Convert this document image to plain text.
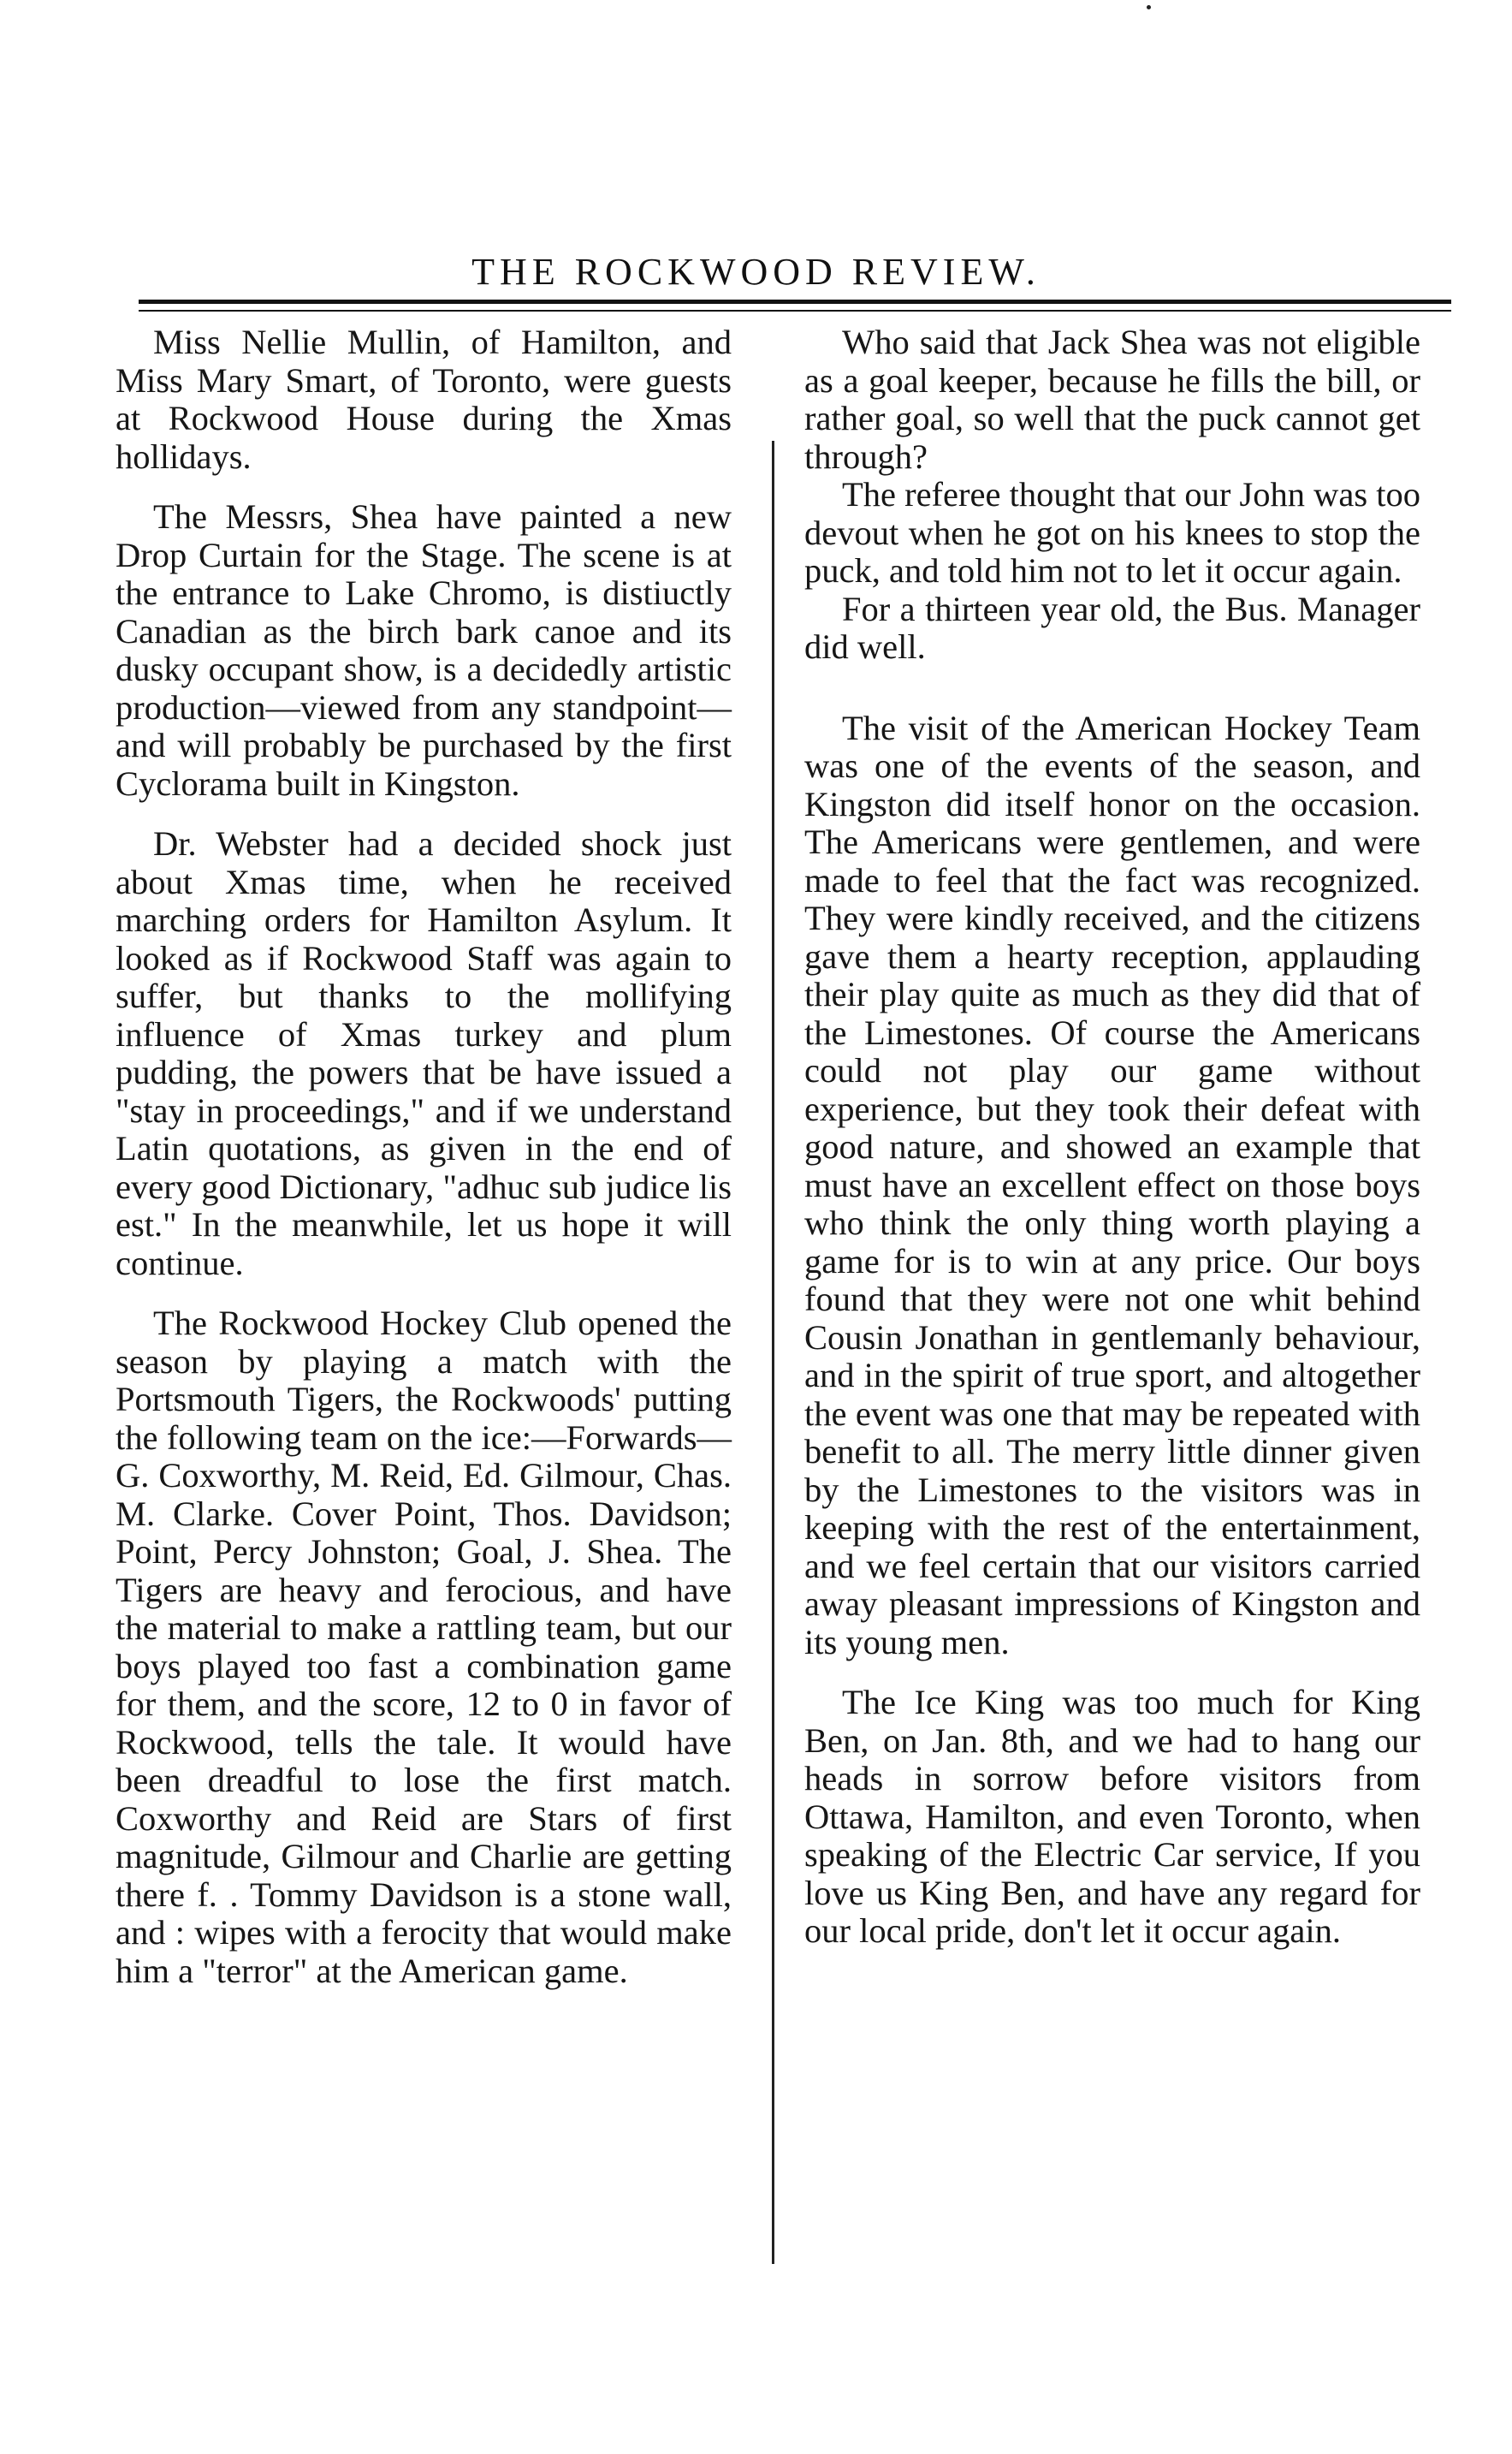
THE ROCKWOOD REVIEW.

Miss Nellie Mullin, of Hamilton, and Miss Mary Smart, of Toronto, were guests at Rockwood House during the Xmas hollidays.

The Messrs, Shea have painted a new Drop Curtain for the Stage. The scene is at the entrance to Lake Chromo, is distiuctly Canadian as the birch bark canoe and its dusky occupant show, is a decidedly artistic production—viewed from any standpoint—and will probably be purchased by the first Cyclorama built in Kingston.

Dr. Webster had a decided shock just about Xmas time, when he received marching orders for Hamilton Asylum. It looked as if Rockwood Staff was again to suffer, but thanks to the mollifying influence of Xmas turkey and plum pudding, the powers that be have issued a "stay in proceedings," and if we understand Latin quotations, as given in the end of every good Dictionary, "adhuc sub judice lis est." In the meanwhile, let us hope it will continue.

The Rockwood Hockey Club opened the season by playing a match with the Portsmouth Tigers, the Rockwoods' putting the following team on the ice:—Forwards—G. Coxworthy, M. Reid, Ed. Gilmour, Chas. M. Clarke. Cover Point, Thos. Davidson; Point, Percy Johnston; Goal, J. Shea. The Tigers are heavy and ferocious, and have the material to make a rattling team, but our boys played too fast a combination game for them, and the score, 12 to 0 in favor of Rockwood, tells the tale. It would have been dreadful to lose the first match. Coxworthy and Reid are Stars of first magnitude, Gilmour and Charlie are getting there f. . Tommy Davidson is a stone wall, and : wipes with a ferocity that would make him a "terror" at the American game.

Who said that Jack Shea was not eligible as a goal keeper, because he fills the bill, or rather goal, so well that the puck cannot get through?

The referee thought that our John was too devout when he got on his knees to stop the puck, and told him not to let it occur again.

For a thirteen year old, the Bus. Manager did well.

The visit of the American Hockey Team was one of the events of the season, and Kingston did itself honor on the occasion. The Americans were gentlemen, and were made to feel that the fact was recognized. They were kindly received, and the citizens gave them a hearty reception, applauding their play quite as much as they did that of the Limestones. Of course the Americans could not play our game without experience, but they took their defeat with good nature, and showed an example that must have an excellent effect on those boys who think the only thing worth playing a game for is to win at any price. Our boys found that they were not one whit behind Cousin Jonathan in gentlemanly behaviour, and in the spirit of true sport, and altogether the event was one that may be repeated with benefit to all. The merry little dinner given by the Limestones to the visitors was in keeping with the rest of the entertainment, and we feel certain that our visitors carried away pleasant impressions of Kingston and its young men.

The Ice King was too much for King Ben, on Jan. 8th, and we had to hang our heads in sorrow before visitors from Ottawa, Hamilton, and even Toronto, when speaking of the Electric Car service, If you love us King Ben, and have any regard for our local pride, don't let it occur again.
